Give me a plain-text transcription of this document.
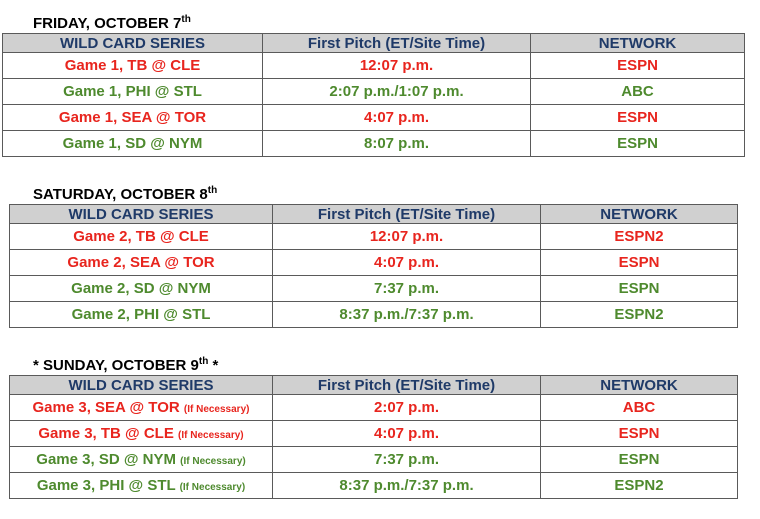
FRIDAY, OCTOBER 7th
WILD CARD SERIES	First Pitch (ET/Site Time)	NETWORK
Game 1, TB @ CLE	12:07 p.m.	ESPN
Game 1, PHI @ STL	2:07 p.m./1:07 p.m.	ABC
Game 1, SEA @ TOR	4:07 p.m.	ESPN
Game 1, SD @ NYM	8:07 p.m.	ESPN
SATURDAY, OCTOBER 8th
WILD CARD SERIES	First Pitch (ET/Site Time)	NETWORK
Game 2, TB @ CLE	12:07 p.m.	ESPN2
Game 2, SEA @ TOR	4:07 p.m.	ESPN
Game 2, SD @ NYM	7:37 p.m.	ESPN
Game 2, PHI @ STL	8:37 p.m./7:37 p.m.	ESPN2
* SUNDAY, OCTOBER 9th *
WILD CARD SERIES	First Pitch (ET/Site Time)	NETWORK
Game 3, SEA @ TOR (If Necessary)	2:07 p.m.	ABC
Game 3, TB @ CLE (If Necessary)	4:07 p.m.	ESPN
Game 3, SD @ NYM (If Necessary)	7:37 p.m.	ESPN
Game 3, PHI @ STL (If Necessary)	8:37 p.m./7:37 p.m.	ESPN2
